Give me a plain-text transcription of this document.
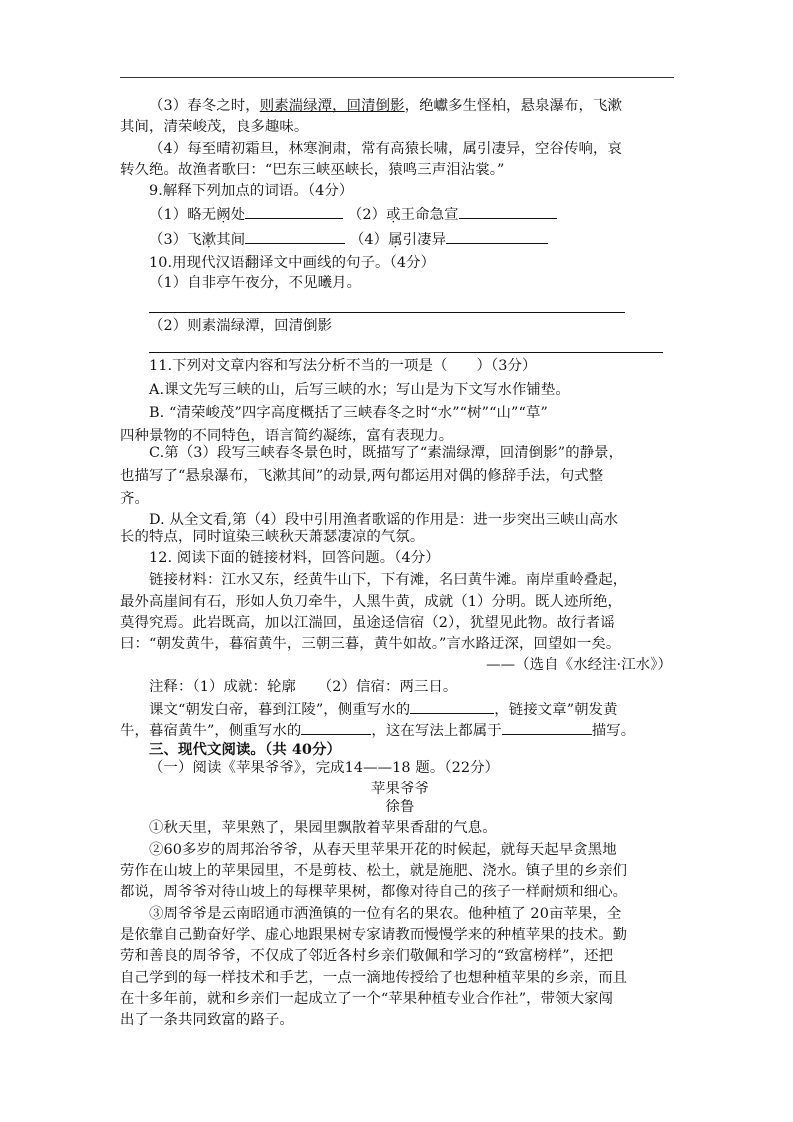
（3）春冬之时，则素湍绿潭，回清倒影，绝巘多生怪柏，悬泉瀑布，飞漱
其间，清荣峻茂，良多趣味。
（4）每至晴初霜旦，林寒涧肃，常有高猿长啸，属引凄异，空谷传响，哀
转久绝。故渔者歌曰：“巴东三峡巫峡长，猿鸣三声泪沾裳。”
9.解释下列加点的词语。（4分）
（1）略无阙处	（2）或王命急宣
（3）飞漱其间	（4）属引凄异
10.用现代汉语翻译文中画线的句子。（4分）
（1）自非亭午夜分，不见曦月。
（2）则素湍绿潭，回清倒影
11.下列对文章内容和写法分析不当的一项是（　　）（3分）
A.课文先写三峡的山，后写三峡的水；写山是为下文写水作铺垫。
B. “清荣峻茂”四字高度概括了三峡春冬之时“水”“树”“山”“草”
四种景物的不同特色，语言简约凝练，富有表现力。
C.第（3）段写三峡春冬景色时，既描写了“素湍绿潭，回清倒影”的静景，
也描写了“悬泉瀑布，飞漱其间”的动景,两句都运用对偶的修辞手法，句式整
齐。
D. 从全文看,第（4）段中引用渔者歌谣的作用是：进一步突出三峡山高水
长的特点，同时谊染三峡秋天萧瑟凄凉的气氛。
12. 阅读下面的链接材料，回答问题。（4分）
链接材料：江水又东，经黄牛山下，下有滩，名曰黄牛滩。南岸重岭叠起，
最外高崖间有石，形如人负刀牵牛，人黑牛黄，成就（1）分明。既人迹所绝，
莫得究焉。此岩既高，加以江湍回，虽途迳信宿（2），犹望见此物。故行者谣
曰：“朝发黄牛，暮宿黄牛，三朝三暮，黄牛如故。”言水路迂深，回望如一矣。
——（选自《水经注·江水》）
注释：（1）成就：轮廓　　（2）信宿：两三日。
课文“朝发白帝，暮到江陵”，侧重写水的	，链接文章”朝发黄
牛，暮宿黄牛”，侧重写水的	，这在写法上都属于	描写。
三、现代文阅读。（共 40分）
（一）阅读《苹果爷爷》，完成14——18 题。（22分）
苹果爷爷
徐鲁
①秋天里，苹果熟了，果园里飘散着苹果香甜的气息。
②60多岁的周邦治爷爷，从春天里苹果开花的时候起，就每天起早贪黑地
劳作在山坡上的苹果园里，不是剪枝、松土，就是施肥、浇水。镇子里的乡亲们
都说，周爷爷对待山坡上的每棵苹果树，都像对待自己的孩子一样耐烦和细心。
③周爷爷是云南昭通市洒渔镇的一位有名的果农。他种植了 20亩苹果，全
是依靠自己勤奋好学、虚心地跟果树专家请教而慢慢学来的种植苹果的技术。勤
劳和善良的周爷爷，不仅成了邻近各村乡亲们敬佩和学习的“致富榜样”，还把
自己学到的每一样技术和手艺，一点一滴地传授给了也想种植苹果的乡亲，而且
在十多年前，就和乡亲们一起成立了一个“苹果种植专业合作社”，带领大家闯
出了一条共同致富的路子。
